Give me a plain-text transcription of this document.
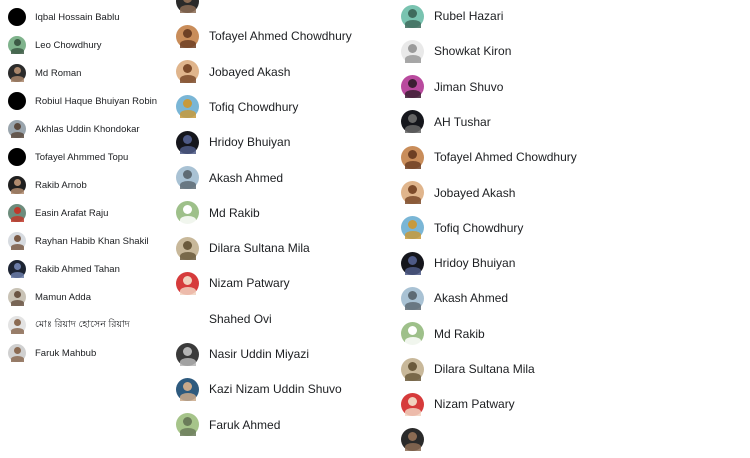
Iqbal Hossain Bablu
Leo Chowdhury
Md Roman
Robiul Haque Bhuiyan Robin
Akhlas Uddin Khondokar
Tofayel Ahmmed Topu
Rakib Arnob
Easin Arafat Raju
Rayhan Habib Khan Shakil
Rakib Ahmed Tahan
Mamun Adda
মোঃ রিয়াদ হোসেন রিয়াদ
Faruk Mahbub
Tofayel Ahmed Chowdhury
Jobayed Akash
Tofiq Chowdhury
Hridoy Bhuiyan
Akash Ahmed
Md Rakib
Dilara Sultana Mila
Nizam Patwary
Shahed Ovi
Nasir Uddin Miyazi
Kazi Nizam Uddin Shuvo
Faruk Ahmed
Rubel Hazari
Showkat Kiron
Jiman Shuvo
AH Tushar
Tofayel Ahmed Chowdhury
Jobayed Akash
Tofiq Chowdhury
Hridoy Bhuiyan
Akash Ahmed
Md Rakib
Dilara Sultana Mila
Nizam Patwary
